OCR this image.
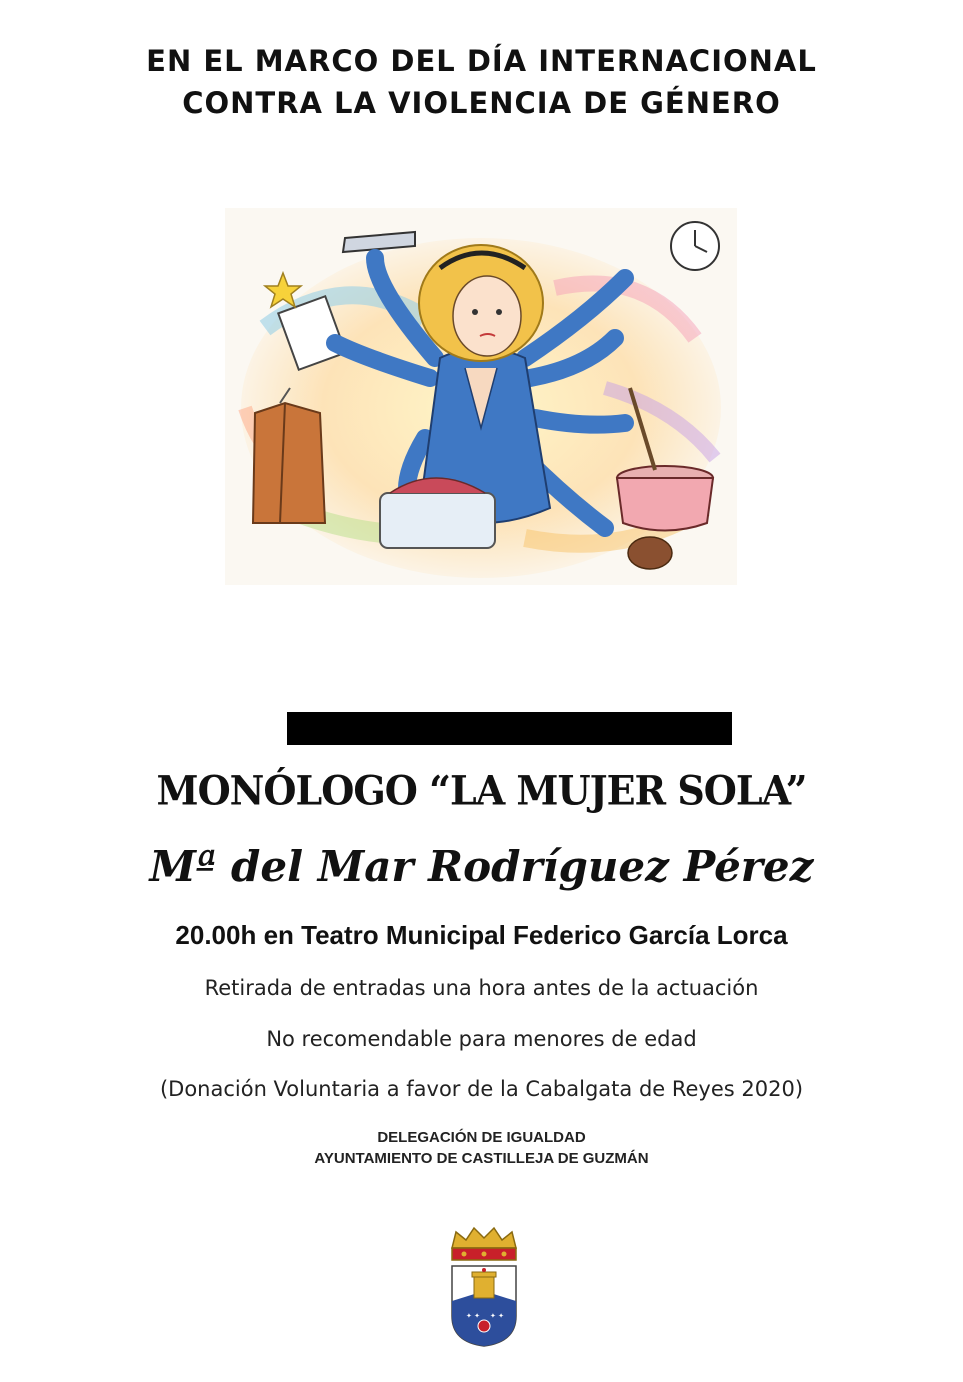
EN EL MARCO DEL DÍA INTERNACIONAL
CONTRA LA VIOLENCIA DE GÉNERO
MONÓLOGO “LA MUJER SOLA”
Mª del Mar Rodríguez Pérez
20.00h en Teatro Municipal Federico García Lorca
Retirada de entradas una hora antes de la actuación
No recomendable para menores de edad
(Donación Voluntaria a favor de la Cabalgata de Reyes 2020)
DELEGACIÓN DE IGUALDAD
AYUNTAMIENTO DE CASTILLEJA DE GUZMÁN
✦ ✦ ✦ ✦
